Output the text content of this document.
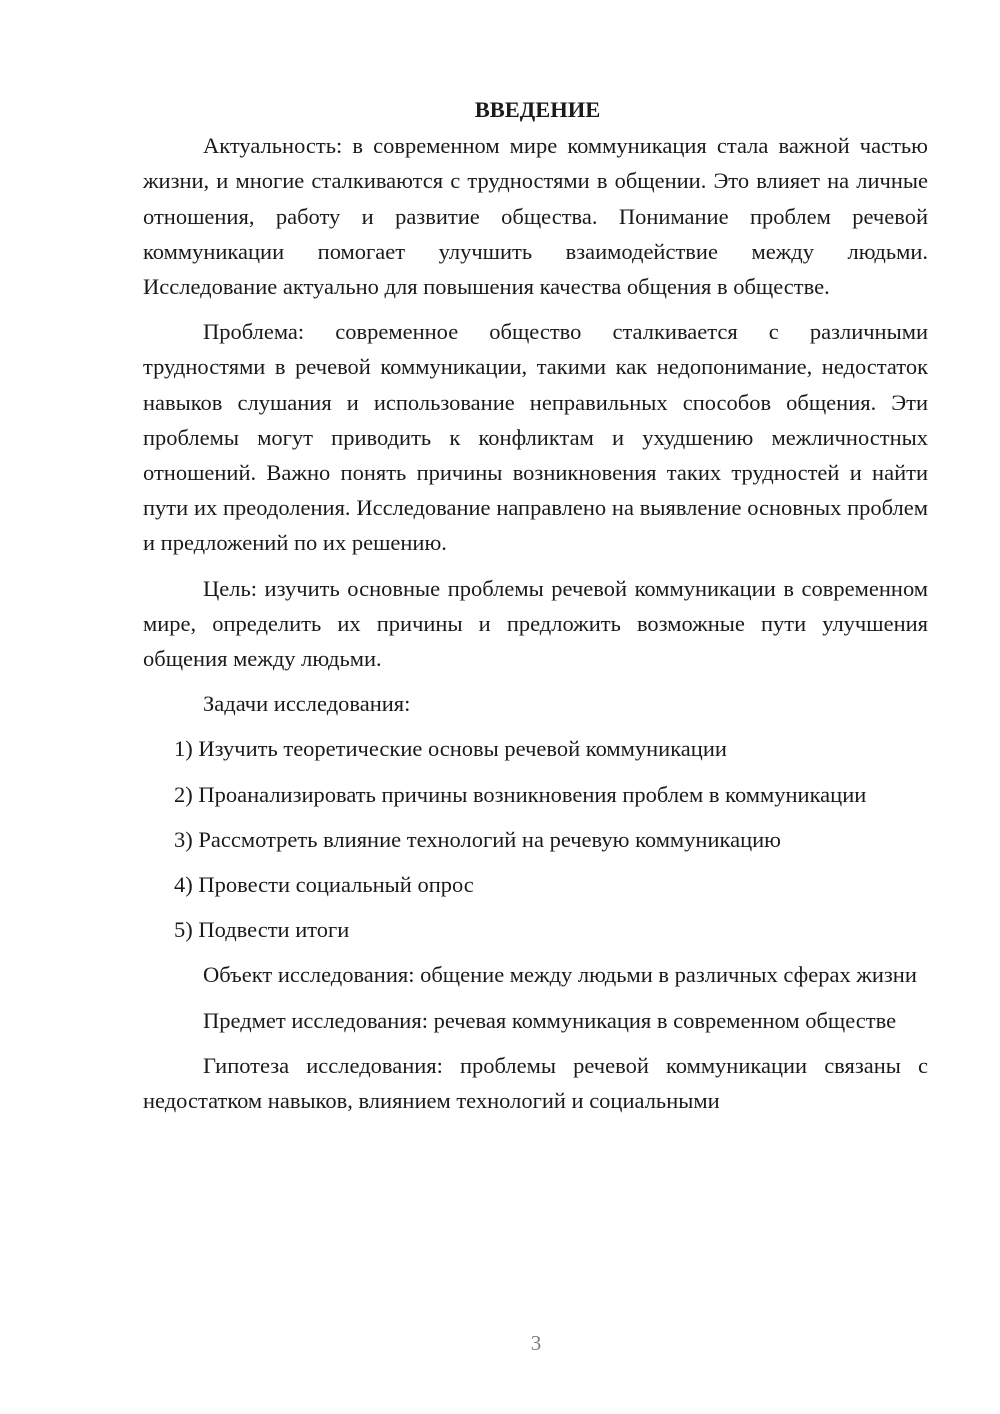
ВВЕДЕНИЕ

Актуальность: в современном мире коммуникация стала важной частью жизни, и многие сталкиваются с трудностями в общении. Это влияет на личные отношения, работу и развитие общества. Понимание проблем речевой коммуникации помогает улучшить взаимодействие между людьми. Исследование актуально для повышения качества общения в обществе.

Проблема: современное общество сталкивается с различными трудностями в речевой коммуникации, такими как недопонимание, недостаток навыков слушания и использование неправильных способов общения. Эти проблемы могут приводить к конфликтам и ухудшению межличностных отношений. Важно понять причины возникновения таких трудностей и найти пути их преодоления. Исследование направлено на выявление основных проблем и предложений по их решению.

Цель: изучить основные проблемы речевой коммуникации в современном мире, определить их причины и предложить возможные пути улучшения общения между людьми.

Задачи исследования:

1) Изучить теоретические основы речевой коммуникации

2) Проанализировать причины возникновения проблем в коммуникации

3) Рассмотреть влияние технологий на речевую коммуникацию

4) Провести социальный опрос

5) Подвести итоги

Объект исследования: общение между людьми в различных сферах жизни

Предмет исследования: речевая коммуникация в современном обществе

Гипотеза исследования: проблемы речевой коммуникации связаны с недостатком навыков, влиянием технологий и социальными

3
